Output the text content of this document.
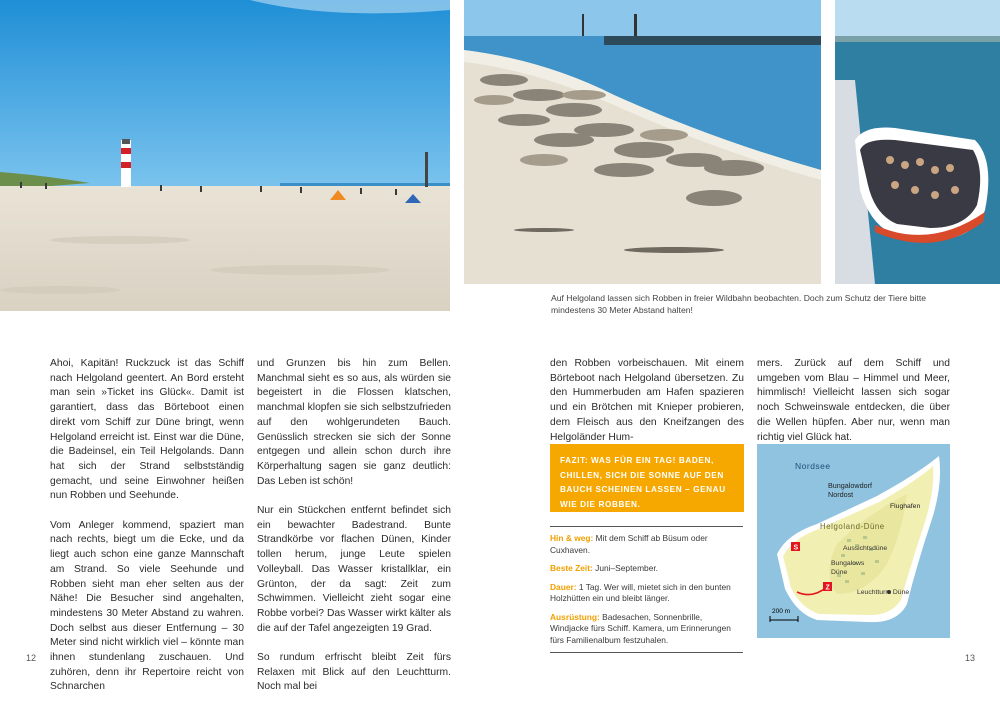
Auf Helgoland lassen sich Robben in freier Wildbahn beobachten. Doch zum Schutz der Tiere bitte mindestens 30 Meter Abstand halten!

Ahoi, Kapitän! Ruckzuck ist das Schiff nach Helgoland geentert. An Bord ersteht man sein »Ticket ins Glück«. Damit ist garantiert, dass das Börteboot einen direkt vom Schiff zur Düne bringt, wenn Helgoland erreicht ist. Einst war die Düne, die Badeinsel, ein Teil Helgolands. Dann hat sich der Strand selbstständig gemacht, und seine Einwohner heißen nun Robben und Seehunde.

Vom Anleger kommend, spaziert man nach rechts, biegt um die Ecke, und da liegt auch schon eine ganze Mannschaft am Strand. So viele Seehunde und Robben sieht man eher selten aus der Nähe! Die Besucher sind angehalten, mindestens 30 Meter Abstand zu wahren. Doch selbst aus dieser Entfernung – 30 Meter sind nicht wirklich viel – könnte man ihnen stundenlang zuschauen. Und zuhören, denn ihr Repertoire reicht von Schnarchen

und Grunzen bis hin zum Bellen. Manchmal sieht es so aus, als würden sie begeistert in die Flossen klatschen, manchmal klopfen sie sich selbstzufrieden auf den wohlgerundeten Bauch. Genüsslich strecken sie sich der Sonne entgegen und allein schon durch ihre Körperhaltung sagen sie ganz deutlich: Das Leben ist schön!

Nur ein Stückchen entfernt befindet sich ein bewachter Badestrand. Bunte Strandkörbe vor flachen Dünen, Kinder tollen herum, junge Leute spielen Volleyball. Das Wasser kristallklar, ein Grünton, der da sagt: Zeit zum Schwimmen. Vielleicht zieht sogar eine Robbe vorbei? Das Wasser wirkt kälter als die auf der Tafel angezeigten 19 Grad.

So rundum erfrischt bleibt Zeit fürs Relaxen mit Blick auf den Leuchtturm. Noch mal bei

den Robben vorbeischauen. Mit einem Börteboot nach Helgoland übersetzen. Zu den Hummerbuden am Hafen spazieren und ein Brötchen mit Knieper probieren, dem Fleisch aus den Kneifzangen des Helgoländer Hum-

mers. Zurück auf dem Schiff und umgeben vom Blau – Himmel und Meer, himmlisch! Vielleicht lassen sich sogar noch Schweinswale entdecken, die über die Wellen hüpfen. Aber nur, wenn man richtig viel Glück hat.

FAZIT: WAS FÜR EIN TAG! BADEN, CHILLEN, SICH DIE SONNE AUF DEN BAUCH SCHEINEN LASSEN – GENAU WIE DIE ROBBEN.
Hin & weg: Mit dem Schiff ab Büsum oder Cuxhaven.
Beste Zeit: Juni–September.
Dauer: 1 Tag. Wer will, mietet sich in den bunten Holzhütten ein und bleibt länger.
Ausrüstung: Badesachen, Sonnenbrille, Windjacke fürs Schiff. Kamera, um Erinnerungen fürs Familienalbum festzuhalen.
S
Z
Nordsee
Bungalowdorf Nordost
Flughafen
Helgoland-Düne
Aussichtsdüne
Bungalows Düne
Leuchtturm Düne
200 m
12	13
